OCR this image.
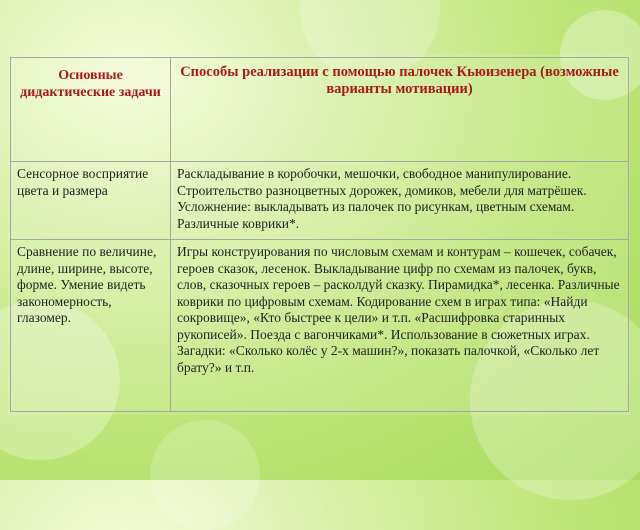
Основные дидактические задачи	Способы реализации с помощью палочек Кьюизенера (возможные варианты мотивации)
Сенсорное восприятие цвета и размера	Раскладывание в коробочки, мешочки, свободное манипулирование. Строительство разноцветных дорожек, домиков, мебели для матрёшек. Усложнение: выкладывать из палочек по рисункам, цветным схемам. Различные коврики*.
Сравнение по величине, длине, ширине, высоте, форме. Умение видеть закономерность, глазомер.	Игры конструирования по числовым схемам и контурам – кошечек, собачек, героев сказок, лесенок. Выкладывание цифр по схемам из палочек, букв, слов, сказочных героев – расколдуй сказку. Пирамидка*, лесенка. Различные коврики по цифровым схемам. Кодирование схем в играх типа: «Найди сокровище», «Кто быстрее к цели» и т.п. «Расшифровка старинных рукописей». Поезда с вагончиками*. Использование в сюжетных играх. Загадки: «Сколько колёс у 2-х машин?», показать палочкой, «Сколько лет брату?» и т.п.
